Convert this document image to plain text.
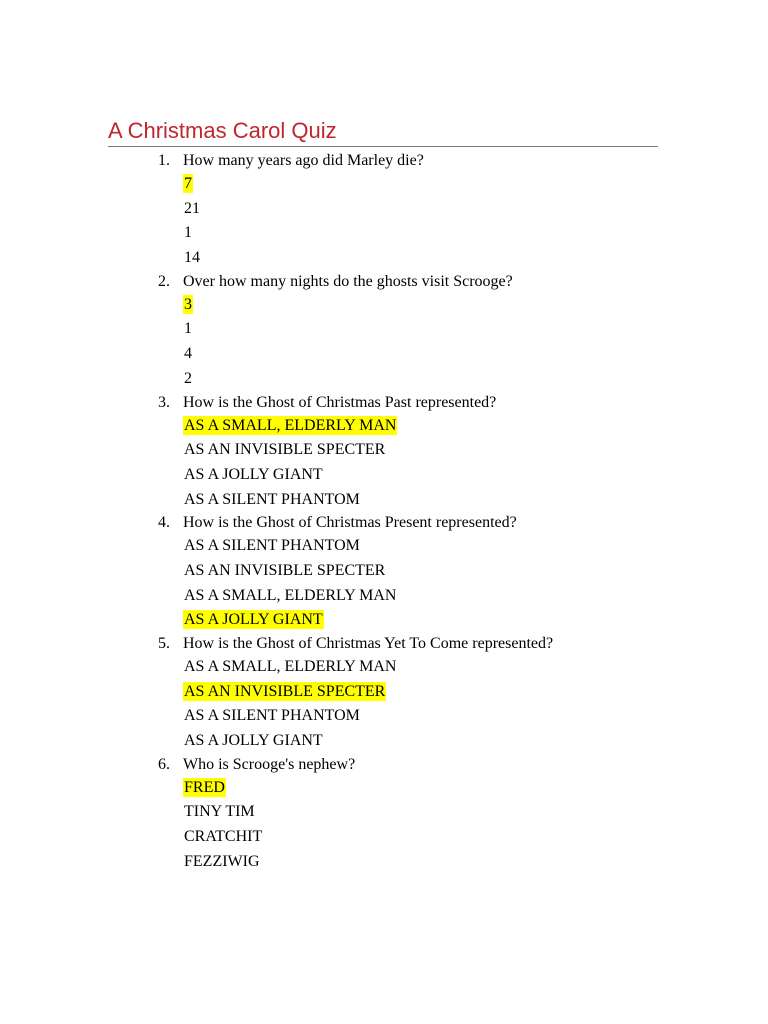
A Christmas Carol Quiz
1. How many years ago did Marley die?
7
21
1
14
2. Over how many nights do the ghosts visit Scrooge?
3
1
4
2
3. How is the Ghost of Christmas Past represented?
AS A SMALL, ELDERLY MAN
AS AN INVISIBLE SPECTER
AS A JOLLY GIANT
AS A SILENT PHANTOM
4. How is the Ghost of Christmas Present represented?
AS A SILENT PHANTOM
AS AN INVISIBLE SPECTER
AS A SMALL, ELDERLY MAN
AS A JOLLY GIANT
5. How is the Ghost of Christmas Yet To Come represented?
AS A SMALL, ELDERLY MAN
AS AN INVISIBLE SPECTER
AS A SILENT PHANTOM
AS A JOLLY GIANT
6. Who is Scrooge's nephew?
FRED
TINY TIM
CRATCHIT
FEZZIWIG
